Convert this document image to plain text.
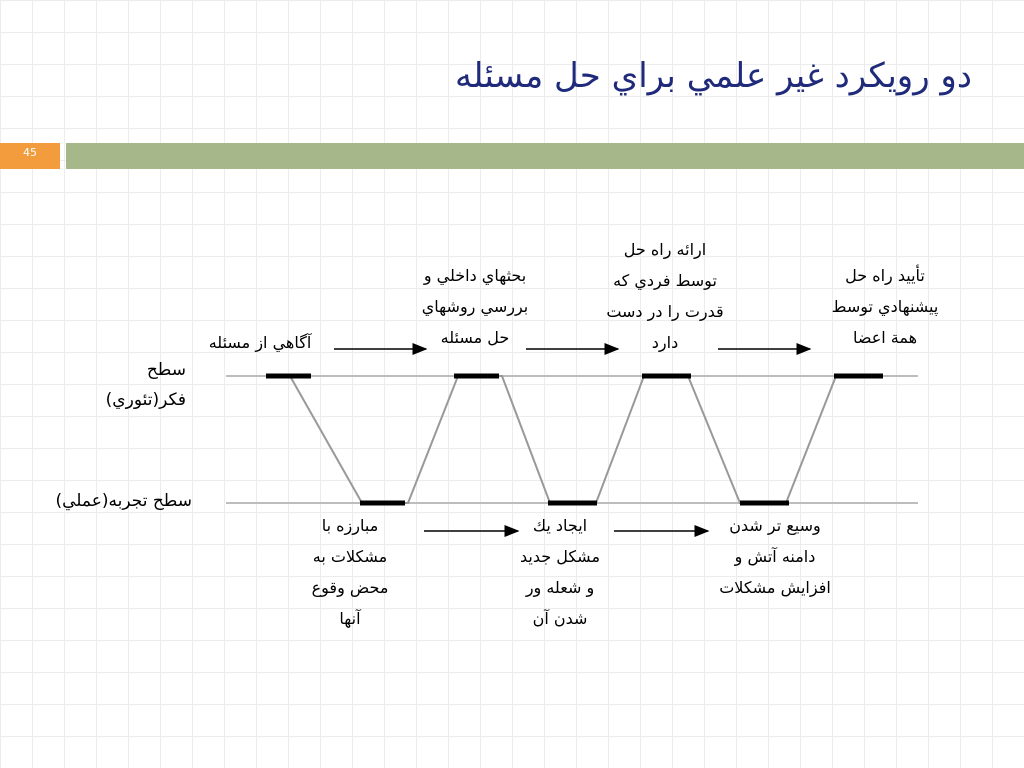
دو رويكرد غير علمي براي حل مسئله
45
سطح
فكر(تئوري)
سطح تجربه(عملي)
آگاهي از مسئله
بحثهاي داخلي و
بررسي روشهاي
حل مسئله
ارائه راه حل
توسط فردي كه
قدرت را در دست
دارد
تأييد راه حل
پيشنهادي توسط
همة اعضا
مبارزه با
مشكلات به
محض وقوع
آنها
ايجاد يك
مشكل جديد
و شعله ور
شدن آن
وسيع تر شدن
دامنه آتش و
افزايش مشكلات
